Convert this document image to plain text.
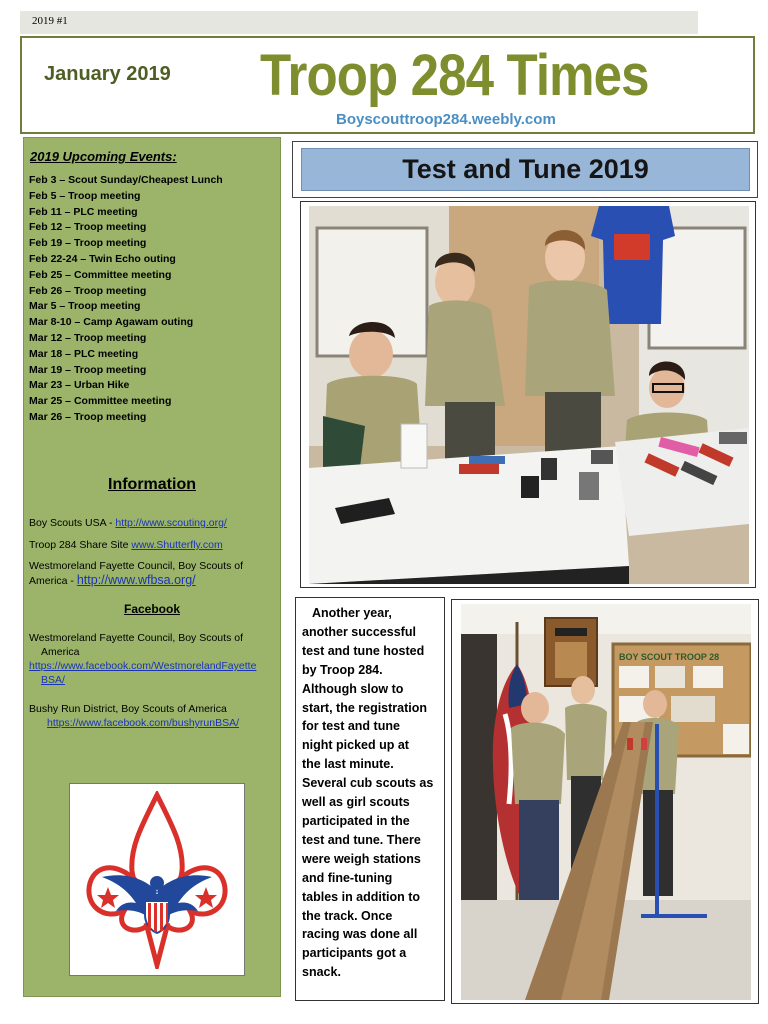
2019 #1
January 2019 Troop 284 Times
Boyscouttroop284.weebly.com
2019 Upcoming Events:
Feb 3 – Scout Sunday/Cheapest Lunch
Feb 5 – Troop meeting
Feb 11 – PLC meeting
Feb 12 – Troop meeting
Feb 19 – Troop meeting
Feb 22-24 – Twin Echo outing
Feb 25 – Committee meeting
Feb 26 – Troop meeting
Mar 5 – Troop meeting
Mar 8-10 – Camp Agawam outing
Mar 12 – Troop meeting
Mar 18 – PLC meeting
Mar 19 – Troop meeting
Mar 23 – Urban Hike
Mar 25 – Committee meeting
Mar 26 – Troop meeting
Information
Boy Scouts USA - http://www.scouting.org/
Troop 284 Share Site www.Shutterfly.com
Westmoreland Fayette Council, Boy Scouts of
America - http://www.wfbsa.org/
Facebook
Westmoreland Fayette Council, Boy Scouts of
America
https://www.facebook.com/WestmorelandFayette
BSA/
Bushy Run District, Boy Scouts of America
https://www.facebook.com/bushyrunBSA/
Test and Tune 2019
Another year,
another successful
test and tune hosted
by Troop 284.
Although slow to
start, the registration
for test and tune
night picked up at
the last minute.
Several cub scouts as
well as girl scouts
participated in the
test and tune. There
were weigh stations
and fine-tuning
tables in addition to
the track. Once
racing was done all
participants got a
snack.
BOY SCOUT TROOP 28
